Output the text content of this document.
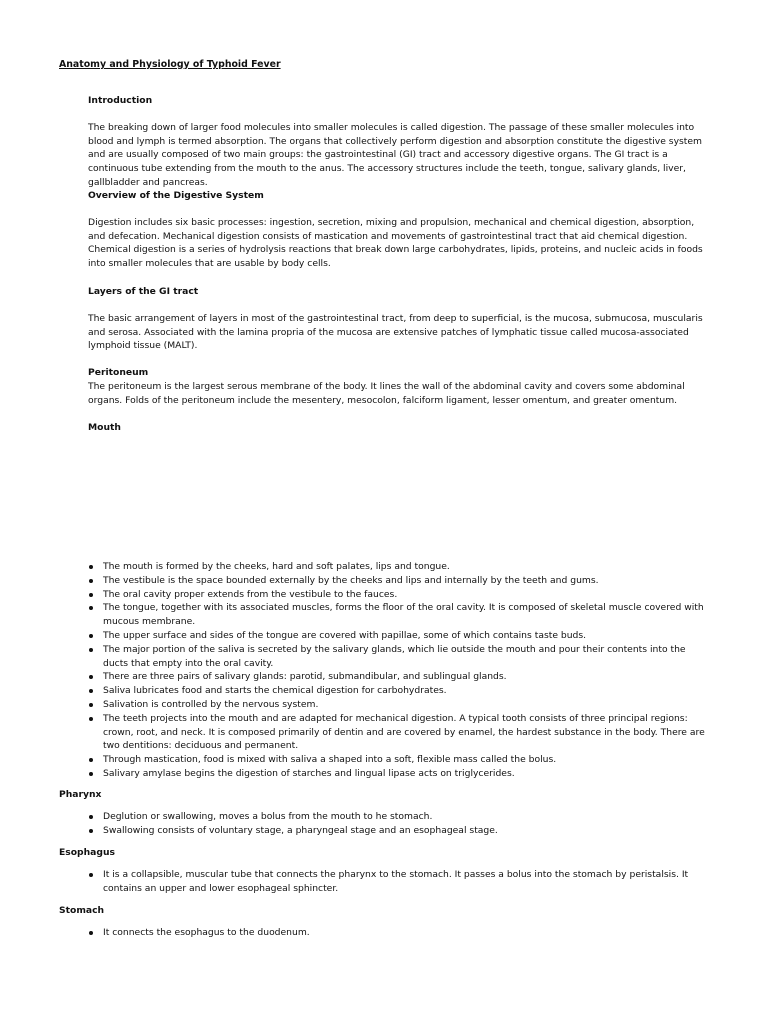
Anatomy and Physiology of Typhoid Fever

Introduction

The breaking down of larger food molecules into smaller molecules is called digestion. The passage of these smaller molecules into blood and lymph is termed absorption. The organs that collectively perform digestion and absorption constitute the digestive system and are usually composed of two main groups: the gastrointestinal (GI) tract and accessory digestive organs. The GI tract is a continuous tube extending from the mouth to the anus. The accessory structures include the teeth, tongue, salivary glands, liver, gallbladder and pancreas.

Overview of the Digestive System

Digestion includes six basic processes: ingestion, secretion, mixing and propulsion, mechanical and chemical digestion, absorption, and defecation. Mechanical digestion consists of mastication and movements of gastrointestinal tract that aid chemical digestion. Chemical digestion is a series of hydrolysis reactions that break down large carbohydrates, lipids, proteins, and nucleic acids in foods into smaller molecules that are usable by body cells.

Layers of the GI tract

The basic arrangement of layers in most of the gastrointestinal tract, from deep to superficial, is the mucosa, submucosa, muscularis and serosa. Associated with the lamina propria of the mucosa are extensive patches of lymphatic tissue called mucosa-associated lymphoid tissue (MALT).

Peritoneum

The peritoneum is the largest serous membrane of the body. It lines the wall of the abdominal cavity and covers some abdominal organs. Folds of the peritoneum include the mesentery, mesocolon, falciform ligament, lesser omentum, and greater omentum.

Mouth

The mouth is formed by the cheeks, hard and soft palates, lips and tongue.
The vestibule is the space bounded externally by the cheeks and lips and internally by the teeth and gums.
The oral cavity proper extends from the vestibule to the fauces.
The tongue, together with its associated muscles, forms the floor of the oral cavity. It is composed of skeletal muscle covered with mucous membrane.
The upper surface and sides of the tongue are covered with papillae, some of which contains taste buds.
The major portion of the saliva is secreted by the salivary glands, which lie outside the mouth and pour their contents into the ducts that empty into the oral cavity.
There are three pairs of salivary glands: parotid, submandibular, and sublingual glands.
Saliva lubricates food and starts the chemical digestion for carbohydrates.
Salivation is controlled by the nervous system.
The teeth projects into the mouth and are adapted for mechanical digestion. A typical tooth consists of three principal regions: crown, root, and neck. It is composed primarily of dentin and are covered by enamel, the hardest substance in the body. There are two dentitions: deciduous and permanent.
Through mastication, food is mixed with saliva a shaped into a soft, flexible mass called the bolus.
Salivary amylase begins the digestion of starches and lingual lipase acts on triglycerides.

Pharynx

Deglution or swallowing, moves a bolus from the mouth to he stomach.
Swallowing consists of voluntary stage, a pharyngeal stage and an esophageal stage.

Esophagus

It is a collapsible, muscular tube that connects the pharynx to the stomach. It passes a bolus into the stomach by peristalsis. It contains an upper and lower esophageal sphincter.

Stomach

It connects the esophagus to the duodenum.
